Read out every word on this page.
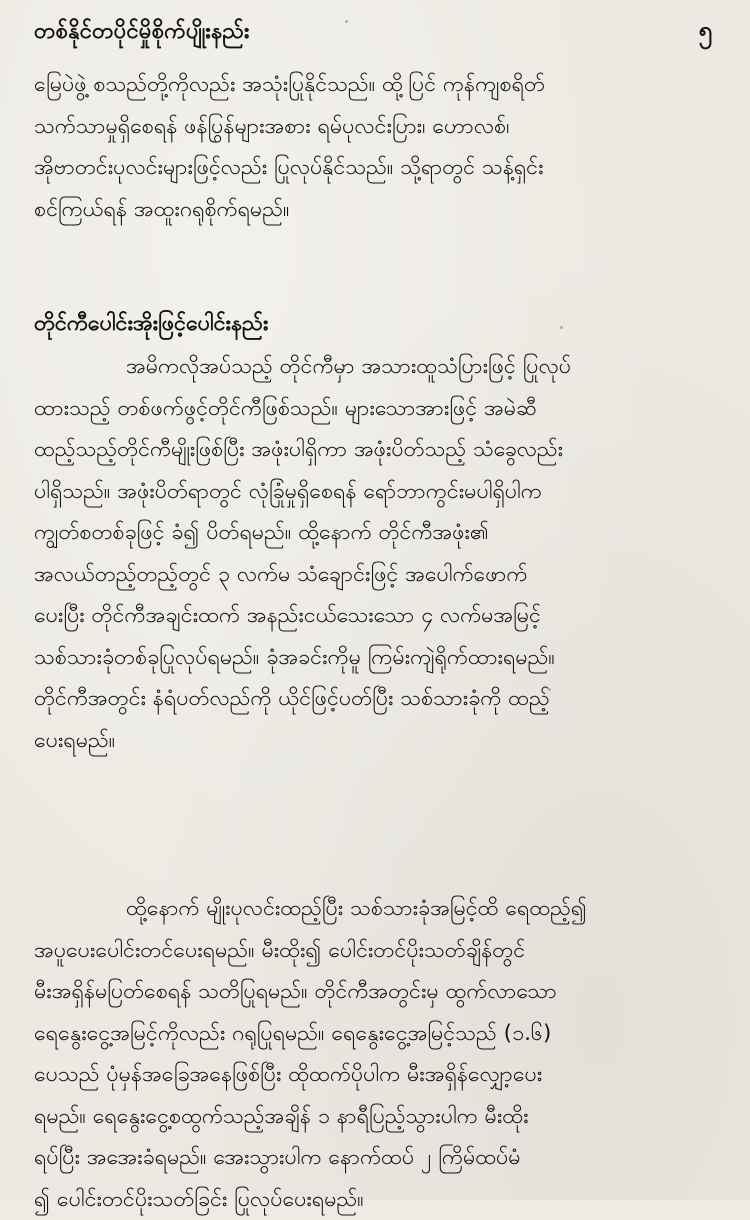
တစ်နိုင်တပိုင်မှိုစိုက်ပျိုးနည်း	၅

မြေပဲဖွဲ့ စသည်တို့ကိုလည်း အသုံးပြုနိုင်သည်။ ထို့ပြင် ကုန်ကျစရိတ်
သက်သာမှုရှိစေရန် ဖန်ပြွန်များအစား ရမ်ပုလင်းပြား၊ ဟောလစ်၊
အိုဗာတင်းပုလင်းများဖြင့်လည်း ပြုလုပ်နိုင်သည်။ သို့ရာတွင် သန့်ရှင်း
စင်ကြယ်ရန် အထူးဂရုစိုက်ရမည်။

တိုင်ကီပေါင်းအိုးဖြင့်ပေါင်းနည်း

အမိကလိုအပ်သည့် တိုင်ကီမှာ အသားထူသံပြားဖြင့် ပြုလုပ်
ထားသည့် တစ်ဖက်ဖွင့်တိုင်ကီဖြစ်သည်။ များသောအားဖြင့် အမဲဆီ
ထည့်သည့်တိုင်ကီမျိုးဖြစ်ပြီး အဖုံးပါရှိကာ အဖုံးပိတ်သည့် သံခွေလည်း
ပါရှိသည်။ အဖုံးပိတ်ရာတွင် လုံခြုံမှုရှိစေရန် ရော်ဘာကွင်းမပါရှိပါက
ကျွတ်စတစ်ခုဖြင့် ခံ၍ ပိတ်ရမည်။ ထို့နောက် တိုင်ကီအဖုံး၏
အလယ်တည့်တည့်တွင် ၃ လက်မ သံချောင်းဖြင့် အပေါက်ဖောက်
ပေးပြီး တိုင်ကီအချင်းထက် အနည်းငယ်သေးသော ၄ လက်မအမြင့်
သစ်သားခုံတစ်ခုပြုလုပ်ရမည်။ ခုံအခင်းကိုမူ ကြမ်းကျဲရိုက်ထားရမည်။
တိုင်ကီအတွင်း နံရံပတ်လည်ကို ယိုင်ဖြင့်ပတ်ပြီး သစ်သားခုံကို ထည့်
ပေးရမည်။

ထို့နောက် မျိုးပုလင်းထည့်ပြီး သစ်သားခုံအမြင့်ထိ ရေထည့်၍
အပူပေးပေါင်းတင်ပေးရမည်။ မီးထိုး၍ ပေါင်းတင်ပိုးသတ်ချိန်တွင်
မီးအရှိန်မပြတ်စေရန် သတိပြုရမည်။ တိုင်ကီအတွင်းမှ ထွက်လာသော
ရေနွေးငွေ့အမြင့်ကိုလည်း ဂရုပြုရမည်။ ရေနွေးငွေ့အမြင့်သည် (၁.၆)
ပေသည် ပုံမှန်အခြေအနေဖြစ်ပြီး ထိုထက်ပိုပါက မီးအရှိန်လျှော့ပေး
ရမည်။ ရေနွေးငွေ့စထွက်သည့်အချိန် ၁ နာရီပြည့်သွားပါက မီးထိုး
ရပ်ပြီး အအေးခံရမည်။ အေးသွားပါက နောက်ထပ် ၂ ကြိမ်ထပ်မံ
၍ ပေါင်းတင်ပိုးသတ်ခြင်း ပြုလုပ်ပေးရမည်။
